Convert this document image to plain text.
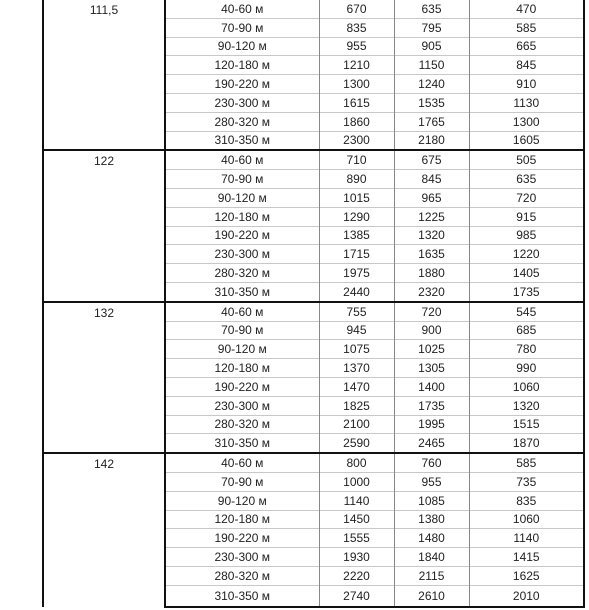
111,5	40-60 м	670	635	470
	70-90 м	835	795	585
	90-120 м	955	905	665
	120-180 м	1210	1150	845
	190-220 м	1300	1240	910
	230-300 м	1615	1535	1130
	280-320 м	1860	1765	1300
	310-350 м	2300	2180	1605
122	40-60 м	710	675	505
	70-90 м	890	845	635
	90-120 м	1015	965	720
	120-180 м	1290	1225	915
	190-220 м	1385	1320	985
	230-300 м	1715	1635	1220
	280-320 м	1975	1880	1405
	310-350 м	2440	2320	1735
132	40-60 м	755	720	545
	70-90 м	945	900	685
	90-120 м	1075	1025	780
	120-180 м	1370	1305	990
	190-220 м	1470	1400	1060
	230-300 м	1825	1735	1320
	280-320 м	2100	1995	1515
	310-350 м	2590	2465	1870
142	40-60 м	800	760	585
	70-90 м	1000	955	735
	90-120 м	1140	1085	835
	120-180 м	1450	1380	1060
	190-220 м	1555	1480	1140
	230-300 м	1930	1840	1415
	280-320 м	2220	2115	1625
	310-350 м	2740	2610	2010
